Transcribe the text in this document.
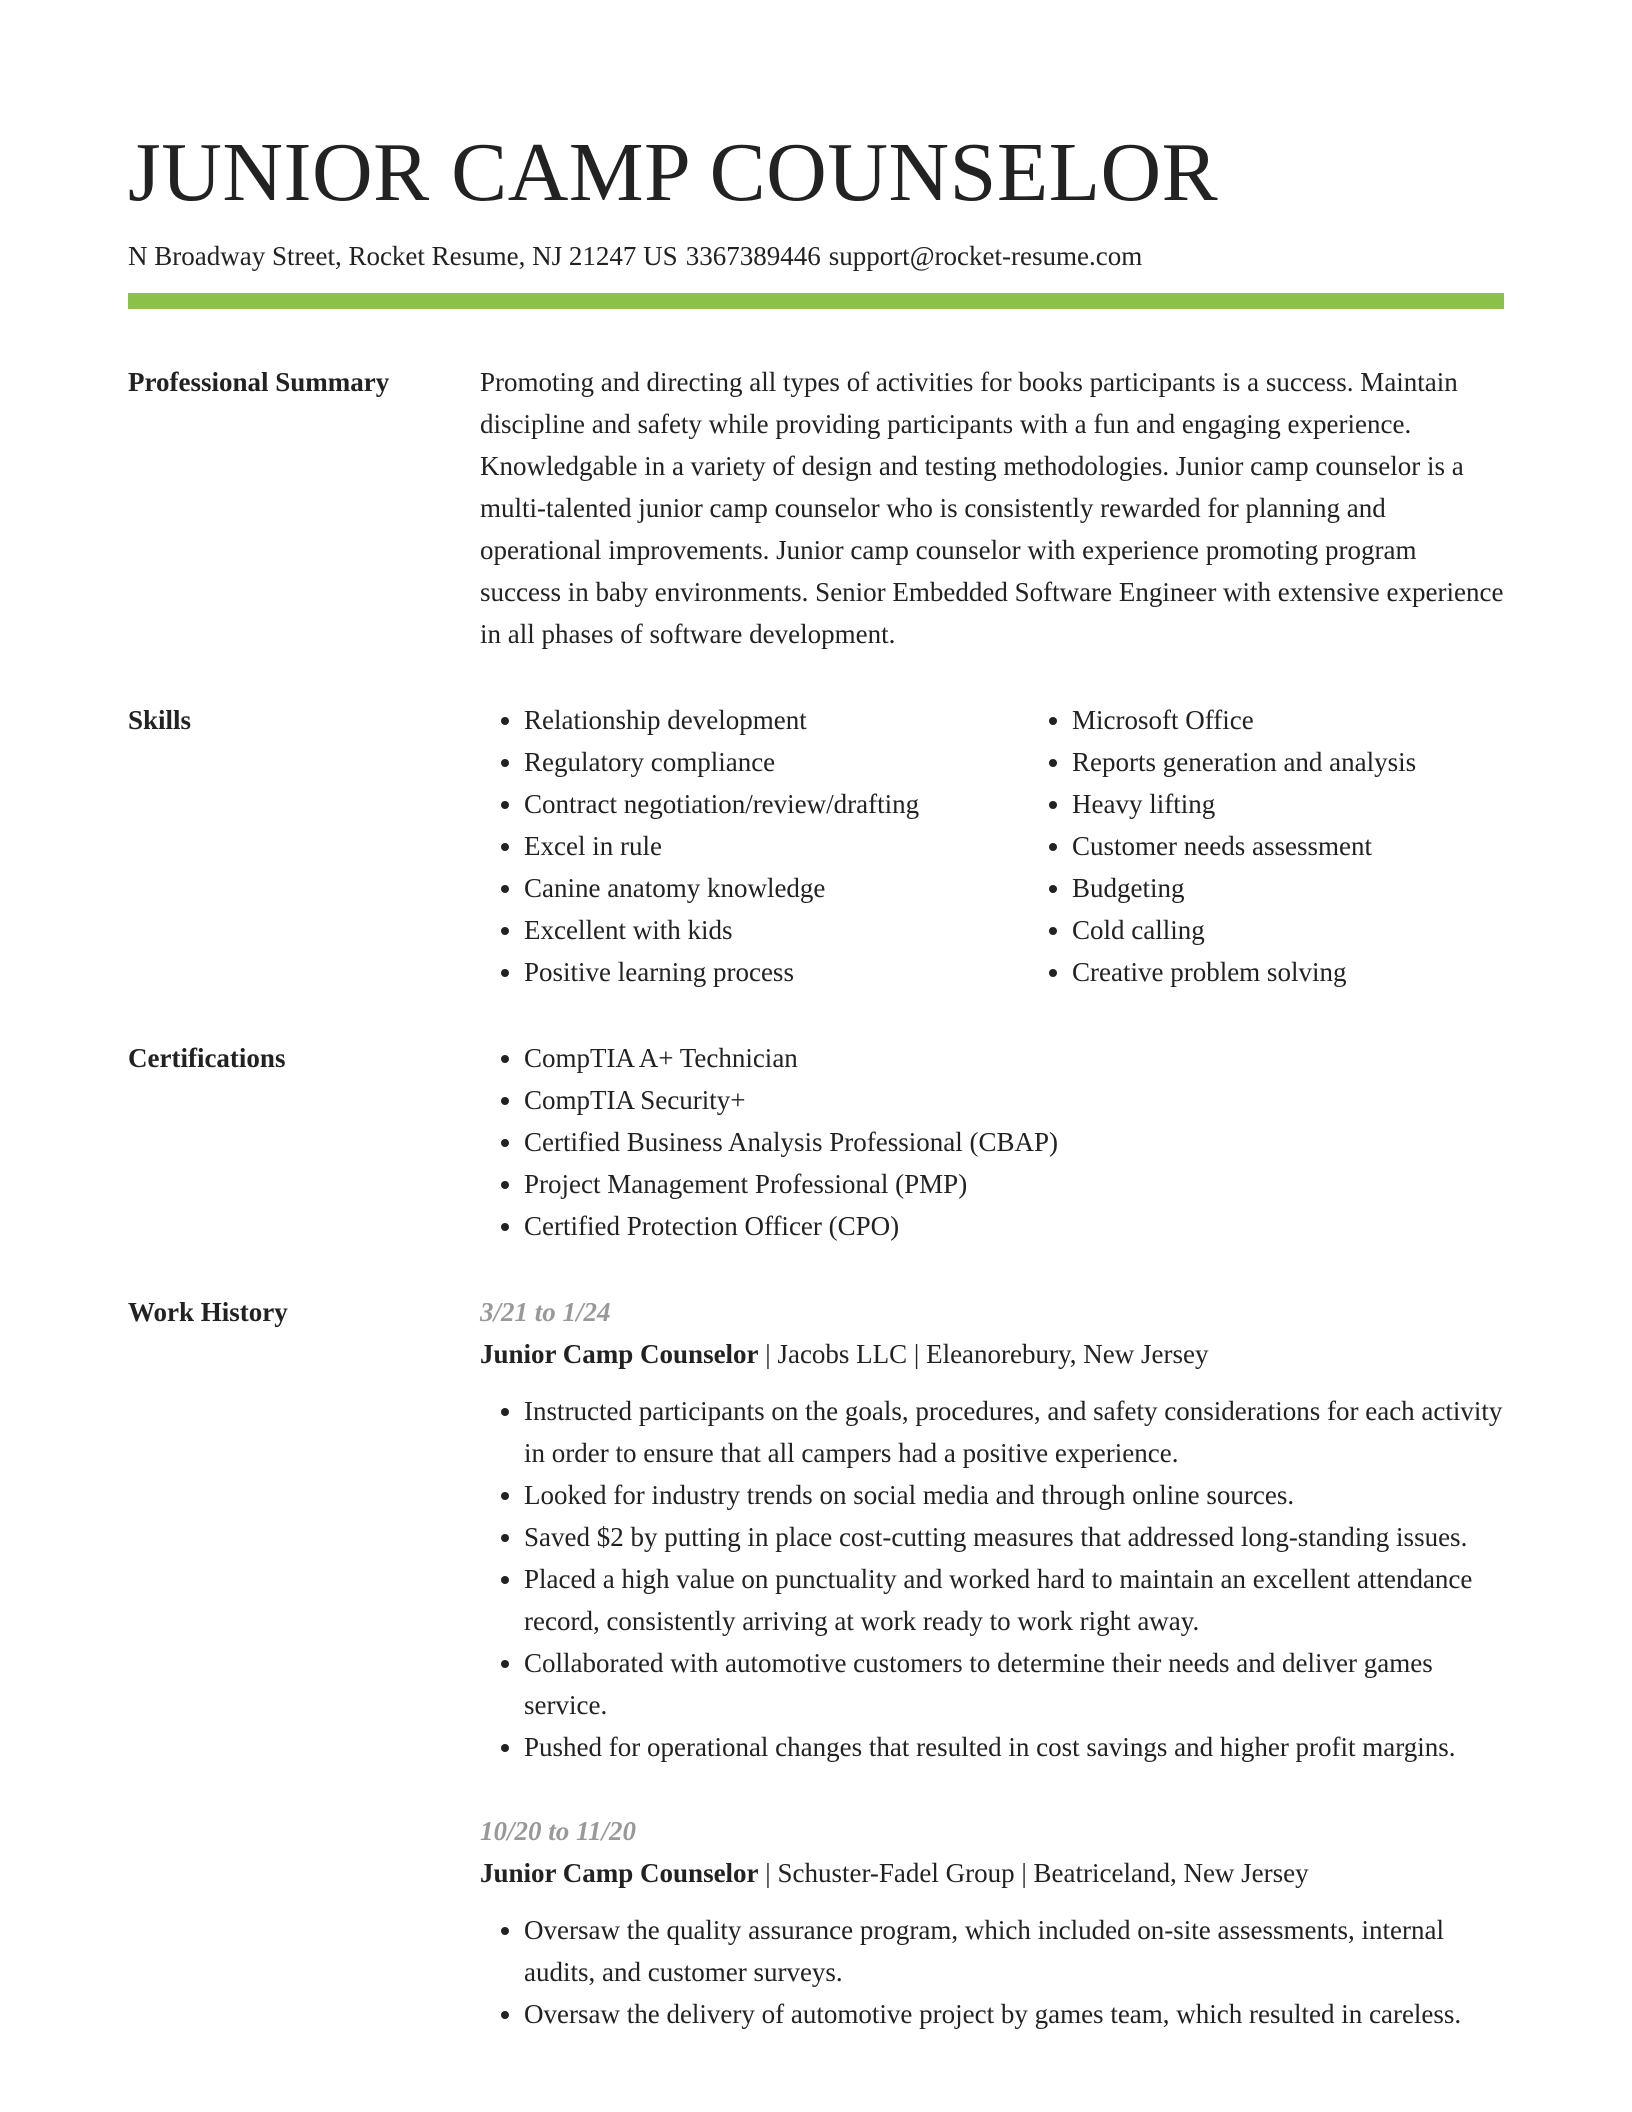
JUNIOR CAMP COUNSELOR
N Broadway Street, Rocket Resume, NJ 21247 US 3367389446 support@rocket-resume.com
Professional Summary	Promoting and directing all types of activities for books participants is a success. Maintain discipline and safety while providing participants with a fun and engaging experience. Knowledgable in a variety of design and testing methodologies. Junior camp counselor is a multi-talented junior camp counselor who is consistently rewarded for planning and operational improvements. Junior camp counselor with experience promoting program success in baby environments. Senior Embedded Software Engineer with extensive experience in all phases of software development.

Skills	• Relationship development
• Regulatory compliance
• Contract negotiation/review/drafting
• Excel in rule
• Canine anatomy knowledge
• Excellent with kids
• Positive learning process
• Microsoft Office
• Reports generation and analysis
• Heavy lifting
• Customer needs assessment
• Budgeting
• Cold calling
• Creative problem solving
Certifications	• CompTIA A+ Technician
• CompTIA Security+
• Certified Business Analysis Professional (CBAP)
• Project Management Professional (PMP)
• Certified Protection Officer (CPO)
Work History	3/21 to 1/24
Junior Camp Counselor | Jacobs LLC | Eleanorebury, New Jersey
• Instructed participants on the goals, procedures, and safety considerations for each activity in order to ensure that all campers had a positive experience.
• Looked for industry trends on social media and through online sources.
• Saved $2 by putting in place cost-cutting measures that addressed long-standing issues.
• Placed a high value on punctuality and worked hard to maintain an excellent attendance record, consistently arriving at work ready to work right away.
• Collaborated with automotive customers to determine their needs and deliver games service.
• Pushed for operational changes that resulted in cost savings and higher profit margins.
10/20 to 11/20
Junior Camp Counselor | Schuster-Fadel Group | Beatriceland, New Jersey
• Oversaw the quality assurance program, which included on-site assessments, internal audits, and customer surveys.
• Oversaw the delivery of automotive project by games team, which resulted in careless.
